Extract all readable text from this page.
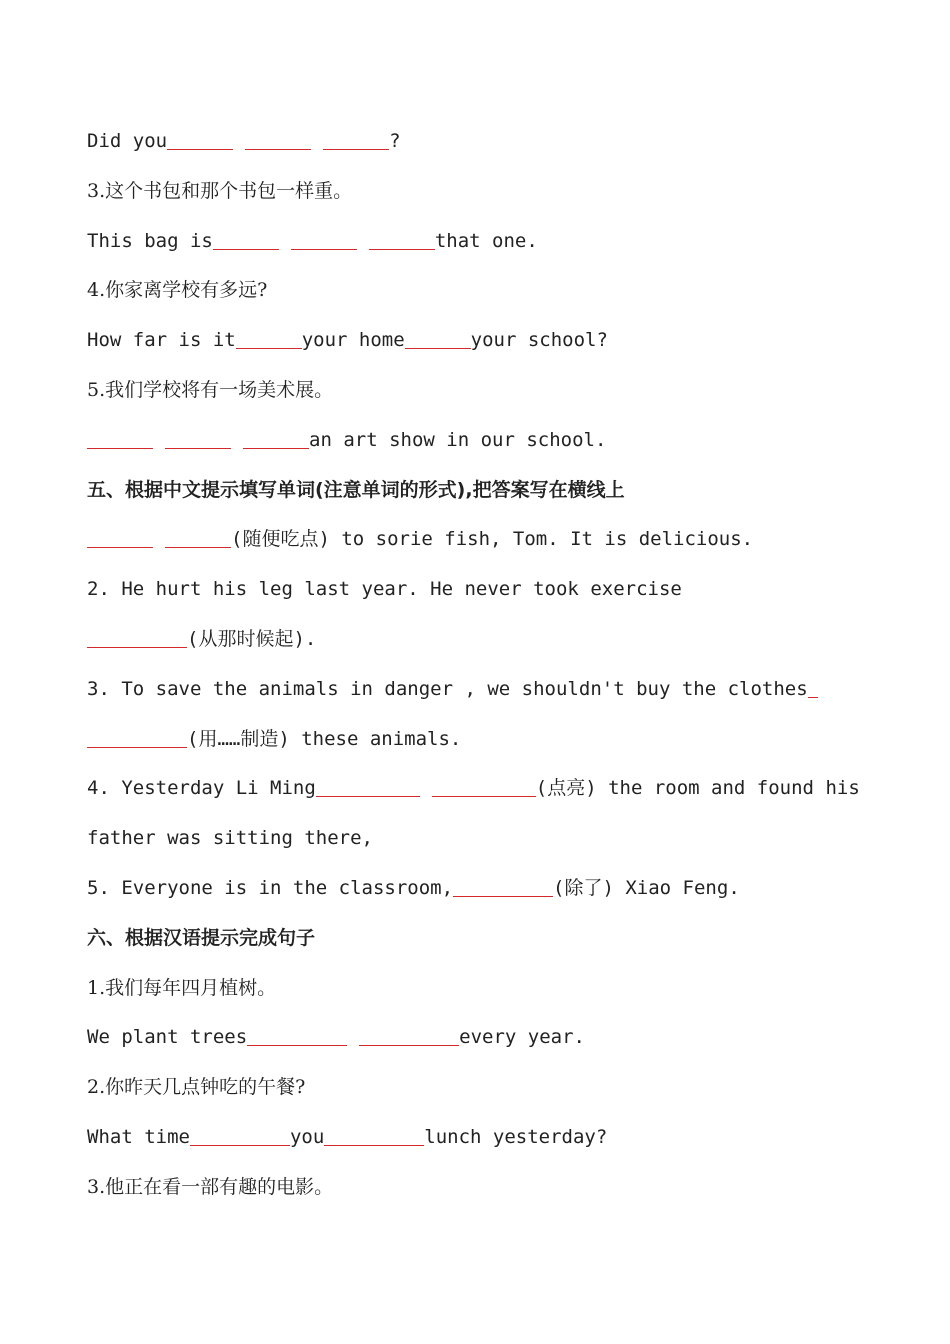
Did you	?
3.这个书包和那个书包一样重。
This bag is	that one.
4.你家离学校有多远?
How far is it	your home	your school?
5.我们学校将有一场美术展。
an art show in our school.
五、根据中文提示填写单词(注意单词的形式),把答案写在横线上
(随便吃点) to sorie fish, Tom. It is delicious.
2. He hurt his leg last year. He never took exercise
(从那时候起).
3. To save the animals in danger , we shouldn't buy the clothes
(用……制造) these animals.
4. Yesterday Li Ming	(点亮) the room and found his
father was sitting there,
5. Everyone is in the classroom,	(除了) Xiao Feng.
六、根据汉语提示完成句子
1.我们每年四月植树。
We plant trees	every year.
2.你昨天几点钟吃的午餐?
What time	you	lunch yesterday?
3.他正在看一部有趣的电影。
